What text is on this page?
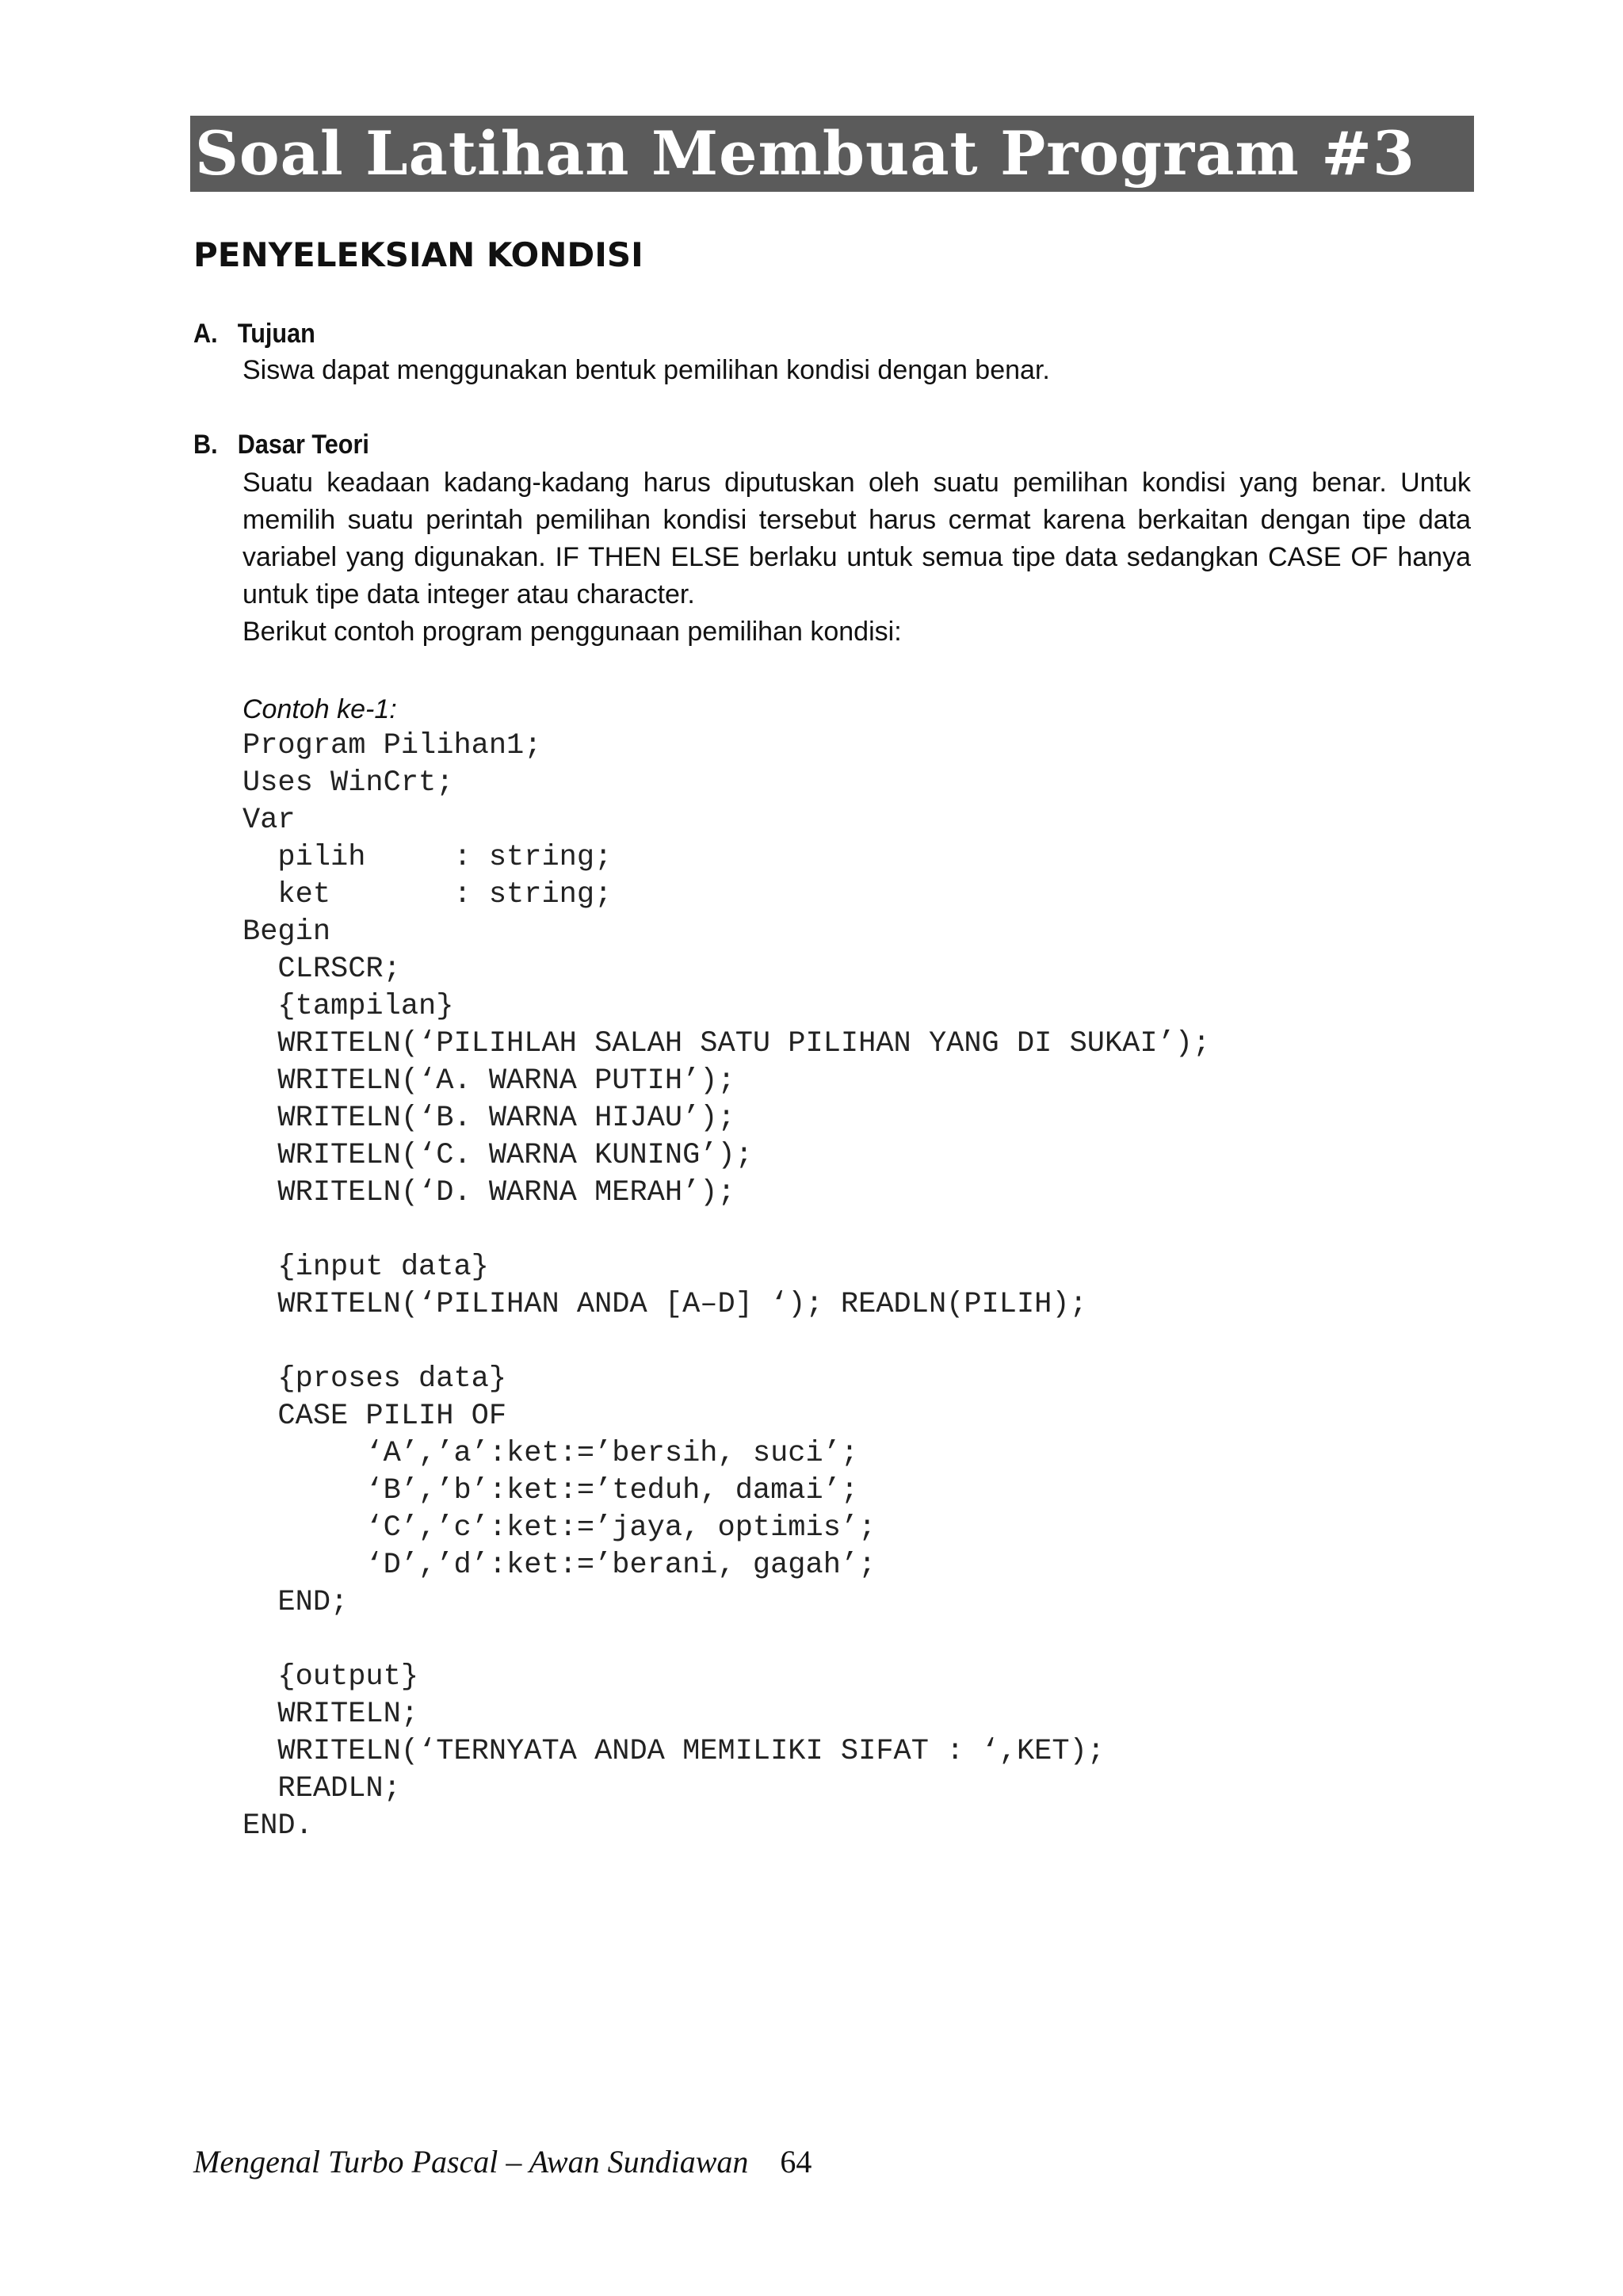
Soal Latihan Membuat Program #3
PENYELEKSIAN KONDISI
A. Tujuan
Siswa dapat menggunakan bentuk pemilihan kondisi dengan benar.
B. Dasar Teori
Suatu keadaan kadang-kadang harus diputuskan oleh suatu pemilihan kondisi yang benar. Untuk
memilih suatu perintah pemilihan kondisi tersebut harus cermat karena berkaitan dengan tipe data
variabel yang digunakan. IF THEN ELSE berlaku untuk semua tipe data sedangkan CASE OF hanya
untuk tipe data integer atau character.
Berikut contoh program penggunaan pemilihan kondisi:
Contoh ke-1:
Program Pilihan1;
Uses WinCrt;
Var
pilih     : string;
ket       : string;
Begin
CLRSCR;
{tampilan}
WRITELN(‘PILIHLAH SALAH SATU PILIHAN YANG DI SUKAI’);
WRITELN(‘A. WARNA PUTIH’);
WRITELN(‘B. WARNA HIJAU’);
WRITELN(‘C. WARNA KUNING’);
WRITELN(‘D. WARNA MERAH’);
{input data}
WRITELN(‘PILIHAN ANDA [A–D] ‘); READLN(PILIH);
{proses data}
CASE PILIH OF
‘A’,’a’:ket:=’bersih, suci’;
‘B’,’b’:ket:=’teduh, damai’;
‘C’,’c’:ket:=’jaya, optimis’;
‘D’,’d’:ket:=’berani, gagah’;
END;
{output}
WRITELN;
WRITELN(‘TERNYATA ANDA MEMILIKI SIFAT : ‘,KET);
READLN;
END.
Mengenal Turbo Pascal – Awan Sundiawan 64
